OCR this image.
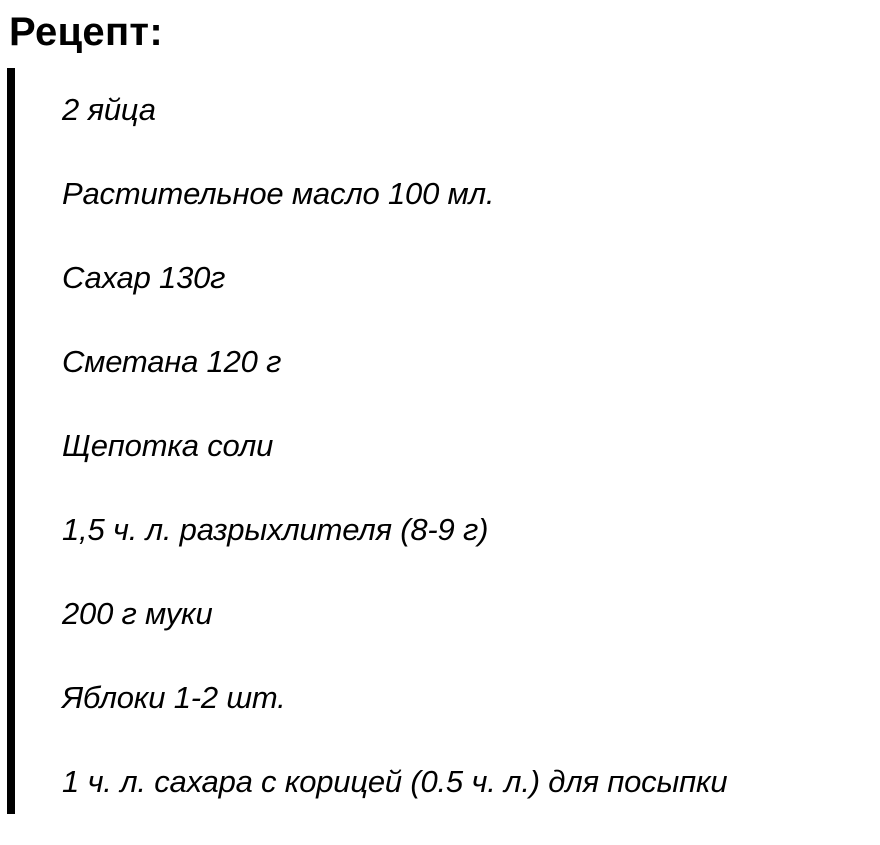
Рецепт:
2 яйца
Растительное масло 100 мл.
Сахар 130г
Сметана 120 г
Щепотка соли
1,5 ч. л. разрыхлителя (8-9 г)
200 г муки
Яблоки 1-2 шт.
1 ч. л. сахара с корицей (0.5 ч. л.) для посыпки
